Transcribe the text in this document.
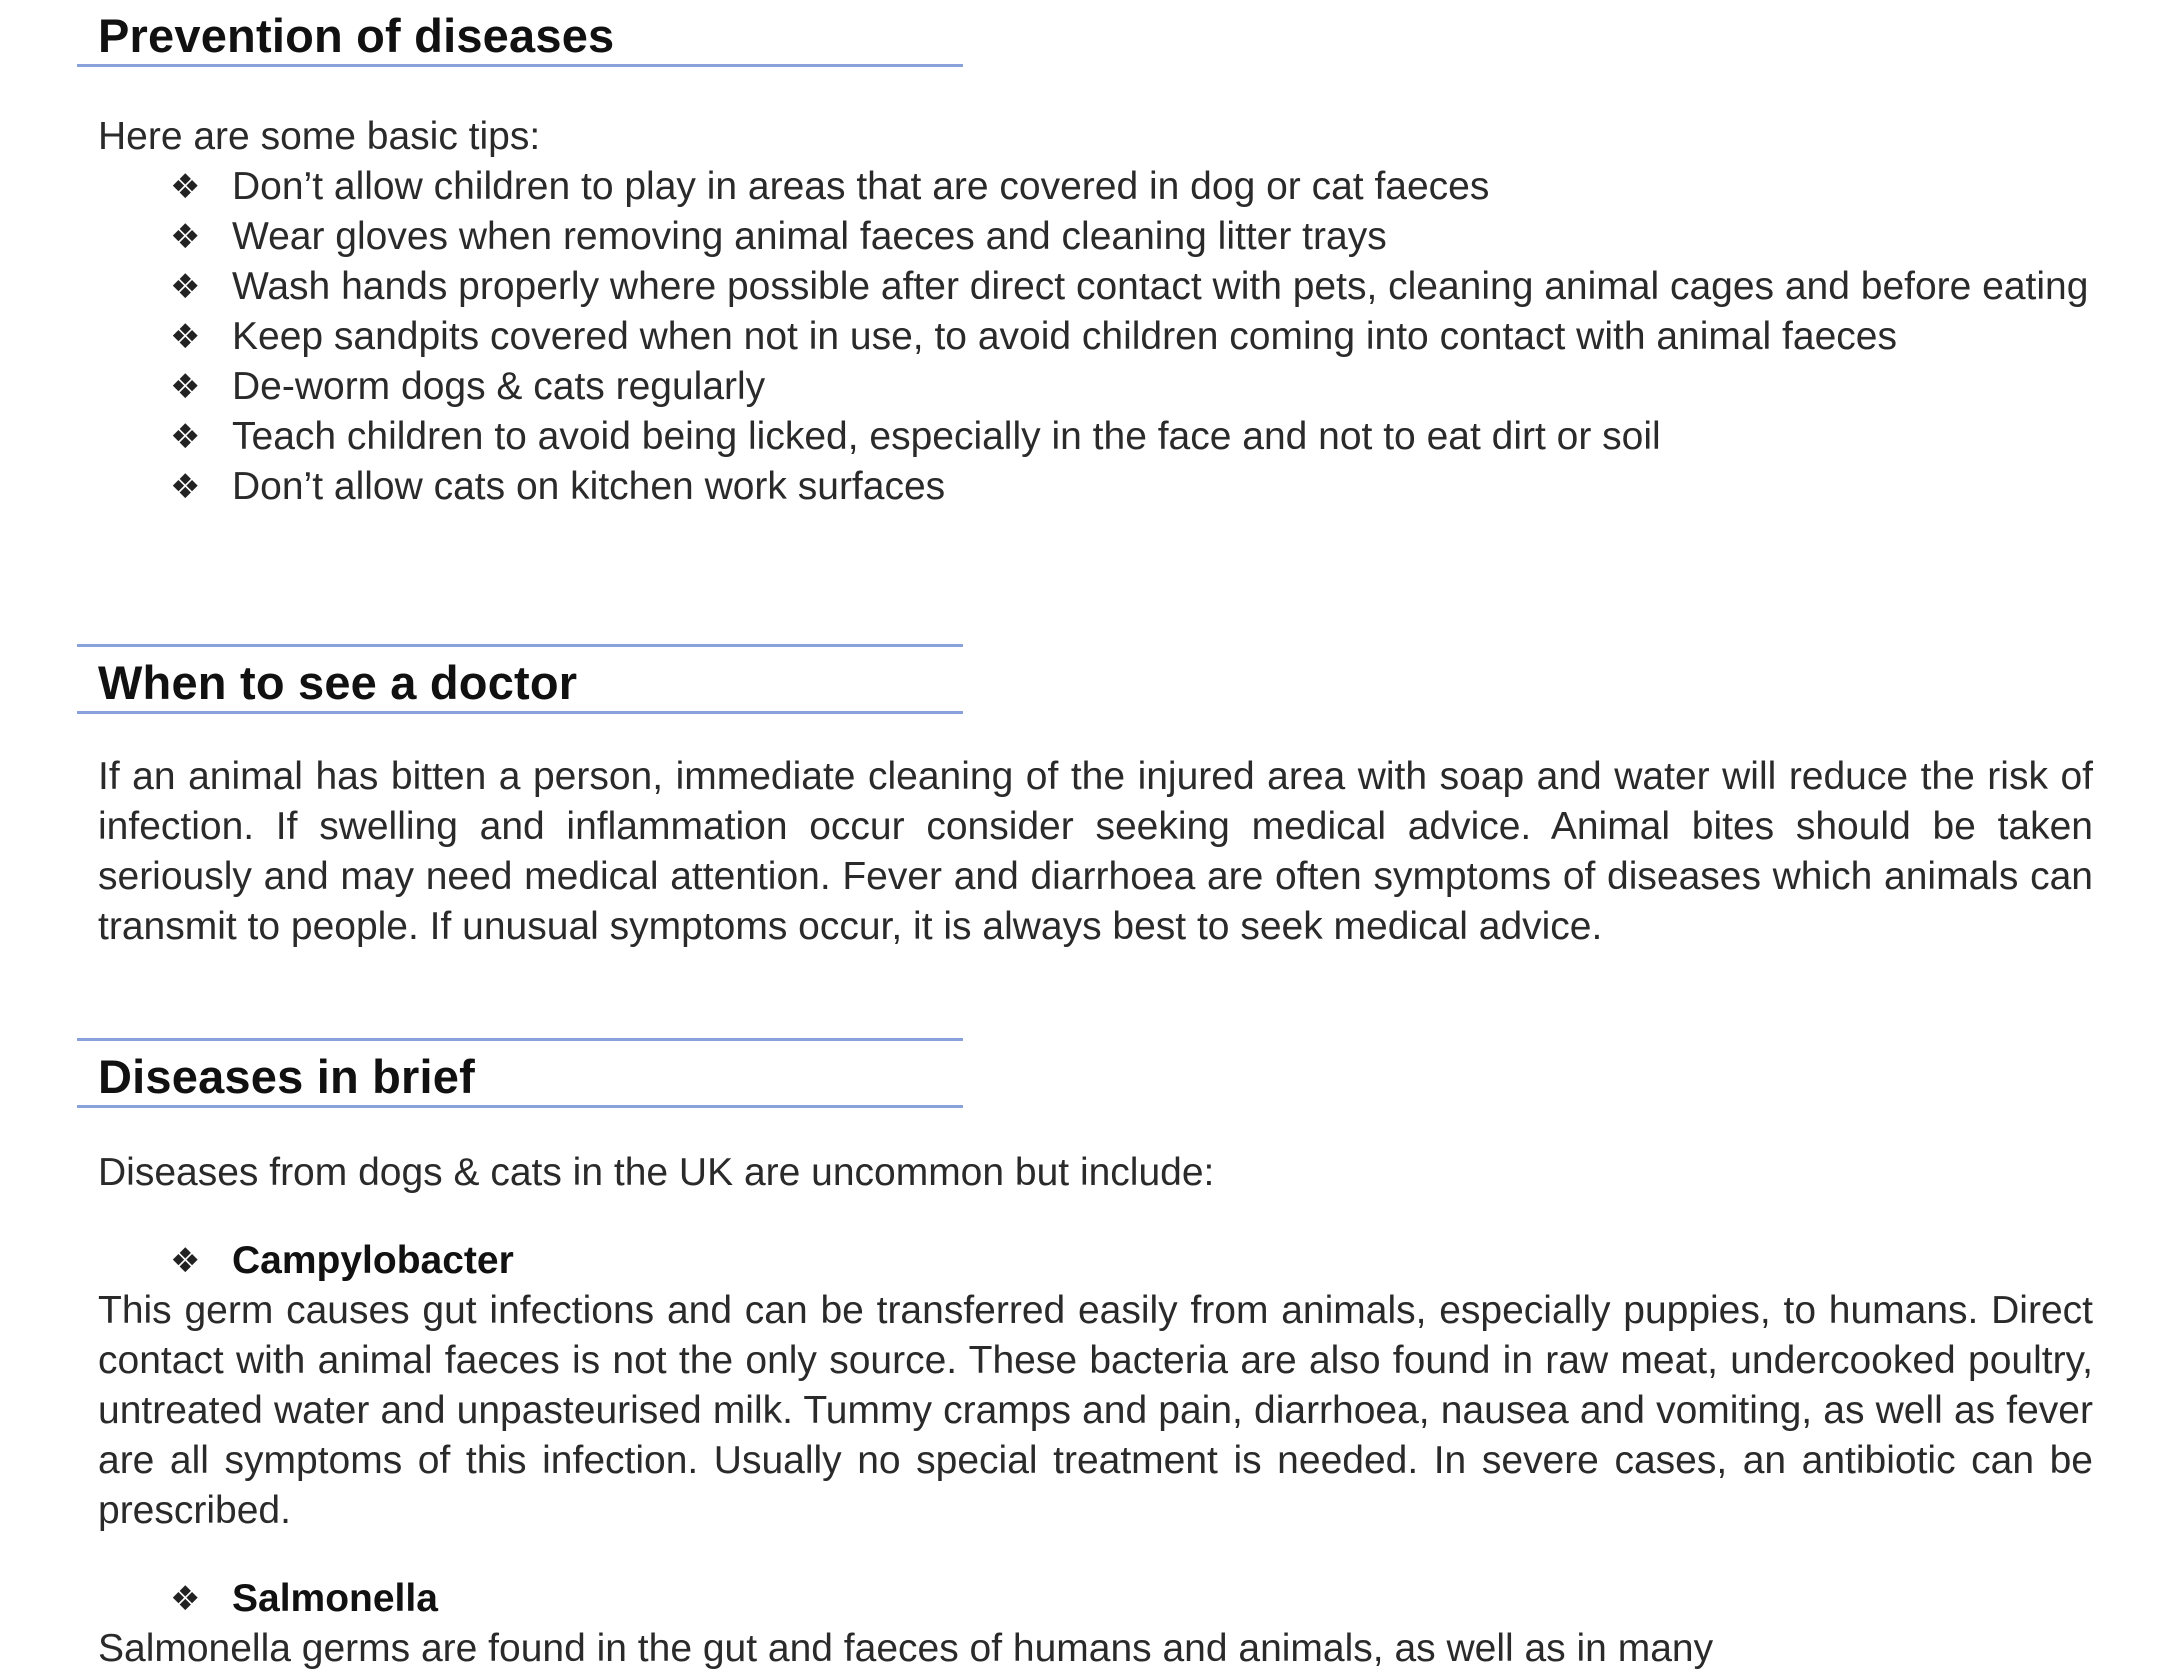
Prevention of diseases

Here are some basic tips:

❖ Don’t allow children to play in areas that are covered in dog or cat faeces
❖ Wear gloves when removing animal faeces and cleaning litter trays
❖ Wash hands properly where possible after direct contact with pets, cleaning animal cages and before eating
❖ Keep sandpits covered when not in use, to avoid children coming into contact with animal faeces
❖ De-worm dogs & cats regularly
❖ Teach children to avoid being licked, especially in the face and not to eat dirt or soil
❖ Don’t allow cats on kitchen work surfaces
When to see a doctor

If an animal has bitten a person, immediate cleaning of the injured area with soap and water will reduce the risk of infection. If swelling and inflammation occur consider seeking medical advice. Animal bites should be taken seriously and may need medical attention. Fever and diarrhoea are often symptoms of diseases which animals can transmit to people. If unusual symptoms occur, it is always best to seek medical advice.

Diseases in brief

Diseases from dogs & cats in the UK are uncommon but include:

❖ Campylobacter

This germ causes gut infections and can be transferred easily from animals, especially puppies, to humans. Direct contact with animal faeces is not the only source. These bacteria are also found in raw meat, undercooked poultry, untreated water and unpasteurised milk. Tummy cramps and pain, diarrhoea, nausea and vomiting, as well as fever are all symptoms of this infection. Usually no special treatment is needed. In severe cases, an antibiotic can be prescribed.

❖ Salmonella

Salmonella germs are found in the gut and faeces of humans and animals, as well as in many
